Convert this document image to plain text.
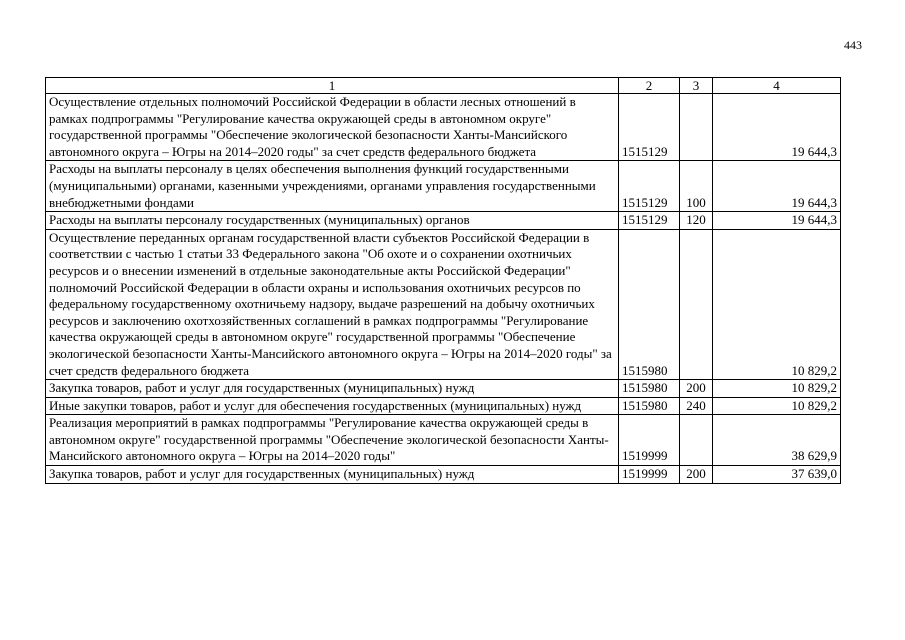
443
1	2	3	4
Осуществление отдельных полномочий Российской Федерации в области лесных отношений в рамках подпрограммы "Регулирование качества окружающей среды в автономном округе" государственной программы "Обеспечение экологической безопасности Ханты-Мансийского автономного округа – Югры на 2014–2020 годы" за счет средств федерального бюджета	1515129		19 644,3
Расходы на выплаты персоналу в целях обеспечения выполнения функций государственными (муниципальными) органами, казенными учреждениями, органами управления государственными внебюджетными фондами	1515129	100	19 644,3
Расходы на выплаты персоналу государственных (муниципальных) органов	1515129	120	19 644,3
Осуществление переданных органам государственной власти субъектов Российской Федерации в соответствии с частью 1 статьи 33 Федерального закона "Об охоте и о сохранении охотничьих ресурсов и о внесении изменений в отдельные законодательные акты Российской Федерации" полномочий Российской Федерации в области охраны и использования охотничьих ресурсов по федеральному государственному охотничьему надзору, выдаче разрешений на добычу охотничьих ресурсов и заключению охотхозяйственных соглашений в рамках подпрограммы "Регулирование качества окружающей среды в автономном округе" государственной программы "Обеспечение экологической безопасности Ханты-Мансийского автономного округа – Югры на 2014–2020 годы" за счет средств федерального бюджета	1515980		10 829,2
Закупка товаров, работ и услуг для государственных (муниципальных) нужд	1515980	200	10 829,2
Иные закупки товаров, работ и услуг для обеспечения государственных (муниципальных) нужд	1515980	240	10 829,2
Реализация мероприятий в рамках подпрограммы "Регулирование качества окружающей среды в автономном округе" государственной программы "Обеспечение экологической безопасности Ханты-Мансийского автономного округа – Югры на 2014–2020 годы"	1519999		38 629,9
Закупка товаров, работ и услуг для государственных (муниципальных) нужд	1519999	200	37 639,0
